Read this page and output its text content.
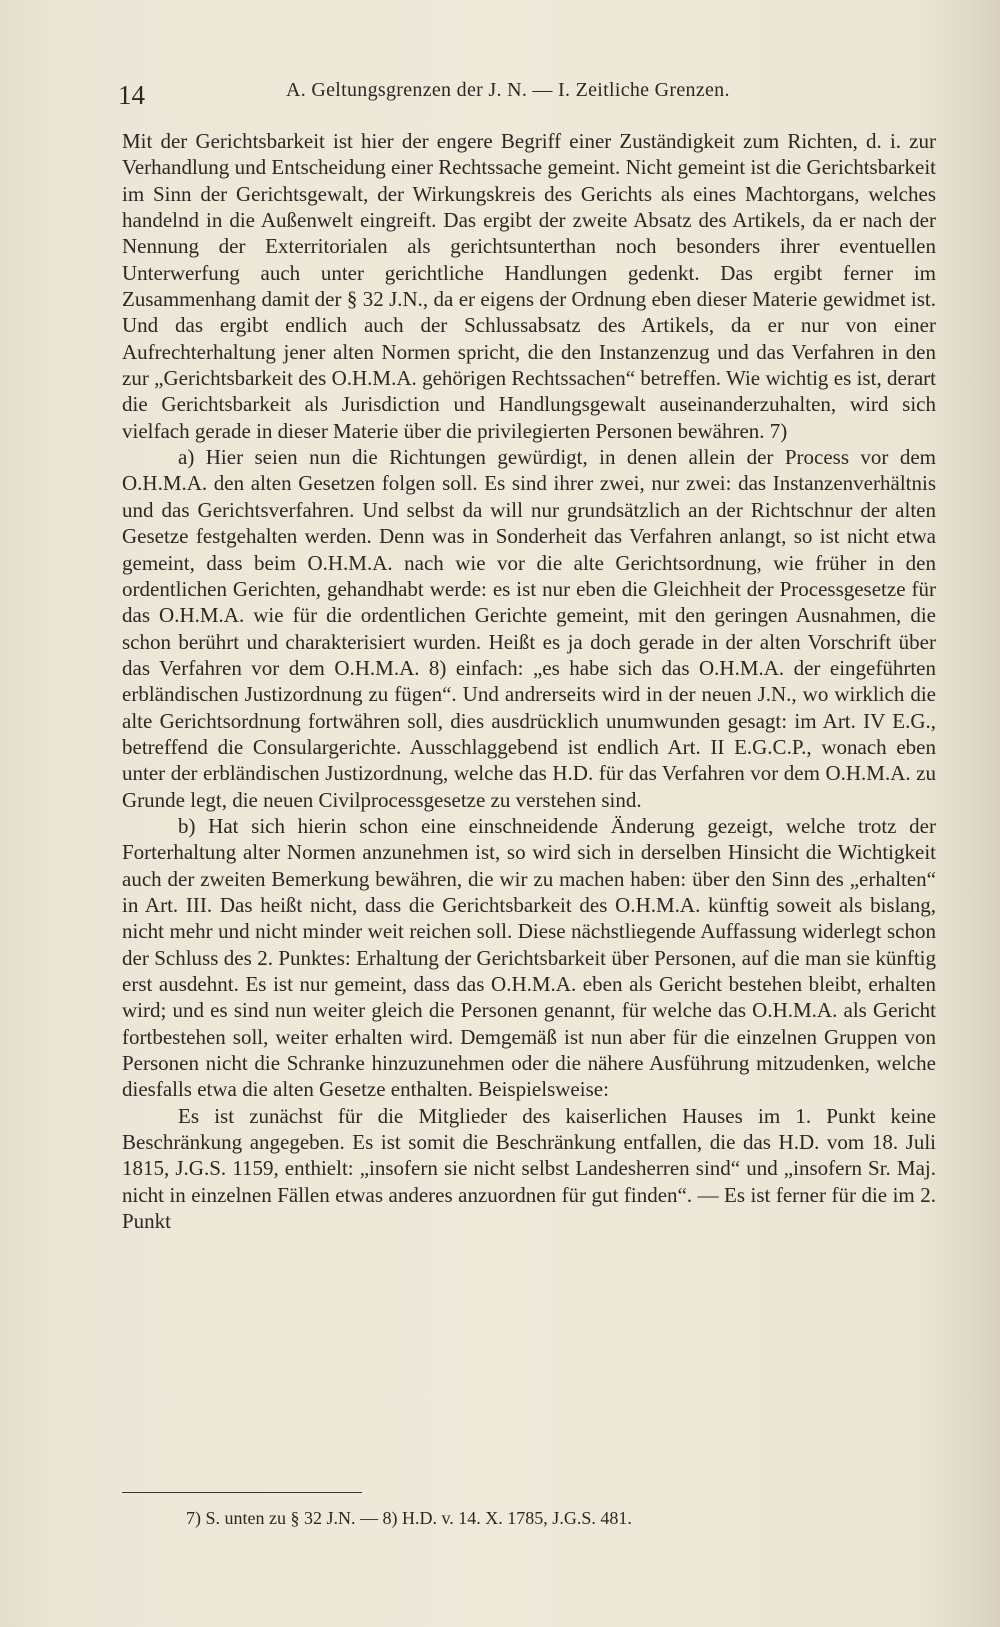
14	A. Geltungsgrenzen der J. N. — I. Zeitliche Grenzen.

Mit der Gerichtsbarkeit ist hier der engere Begriff einer Zuständigkeit zum Richten, d. i. zur Verhandlung und Entscheidung einer Rechtssache gemeint. Nicht gemeint ist die Gerichtsbarkeit im Sinn der Gerichtsgewalt, der Wirkungskreis des Gerichts als eines Machtorgans, welches handelnd in die Außenwelt eingreift. Das ergibt der zweite Absatz des Artikels, da er nach der Nennung der Exterritorialen als gerichtsunterthan noch besonders ihrer eventuellen Unterwerfung auch unter gerichtliche Handlungen gedenkt. Das ergibt ferner im Zusammenhang damit der § 32 J.N., da er eigens der Ordnung eben dieser Materie gewidmet ist. Und das ergibt endlich auch der Schlussabsatz des Artikels, da er nur von einer Aufrechterhaltung jener alten Normen spricht, die den Instanzenzug und das Verfahren in den zur „Gerichtsbarkeit des O.H.M.A. gehörigen Rechtssachen“ betreffen. Wie wichtig es ist, derart die Gerichtsbarkeit als Jurisdiction und Handlungsgewalt auseinanderzuhalten, wird sich vielfach gerade in dieser Materie über die privilegierten Personen bewähren. 7)

a) Hier seien nun die Richtungen gewürdigt, in denen allein der Process vor dem O.H.M.A. den alten Gesetzen folgen soll. Es sind ihrer zwei, nur zwei: das Instanzenverhältnis und das Gerichtsverfahren. Und selbst da will nur grundsätzlich an der Richtschnur der alten Gesetze festgehalten werden. Denn was in Sonderheit das Verfahren anlangt, so ist nicht etwa gemeint, dass beim O.H.M.A. nach wie vor die alte Gerichtsordnung, wie früher in den ordentlichen Gerichten, gehandhabt werde: es ist nur eben die Gleichheit der Processgesetze für das O.H.M.A. wie für die ordentlichen Gerichte gemeint, mit den geringen Ausnahmen, die schon berührt und charakterisiert wurden. Heißt es ja doch gerade in der alten Vorschrift über das Verfahren vor dem O.H.M.A. 8) einfach: „es habe sich das O.H.M.A. der eingeführten erbländischen Justizordnung zu fügen“. Und andrerseits wird in der neuen J.N., wo wirklich die alte Gerichtsordnung fortwähren soll, dies ausdrücklich unumwunden gesagt: im Art. IV E.G., betreffend die Consulargerichte. Ausschlaggebend ist endlich Art. II E.G.C.P., wonach eben unter der erbländischen Justizordnung, welche das H.D. für das Verfahren vor dem O.H.M.A. zu Grunde legt, die neuen Civilprocessgesetze zu verstehen sind.

b) Hat sich hierin schon eine einschneidende Änderung gezeigt, welche trotz der Forterhaltung alter Normen anzunehmen ist, so wird sich in derselben Hinsicht die Wichtigkeit auch der zweiten Bemerkung bewähren, die wir zu machen haben: über den Sinn des „erhalten“ in Art. III. Das heißt nicht, dass die Gerichtsbarkeit des O.H.M.A. künftig soweit als bislang, nicht mehr und nicht minder weit reichen soll. Diese nächstliegende Auffassung widerlegt schon der Schluss des 2. Punktes: Erhaltung der Gerichtsbarkeit über Personen, auf die man sie künftig erst ausdehnt. Es ist nur gemeint, dass das O.H.M.A. eben als Gericht bestehen bleibt, erhalten wird; und es sind nun weiter gleich die Personen genannt, für welche das O.H.M.A. als Gericht fortbestehen soll, weiter erhalten wird. Demgemäß ist nun aber für die einzelnen Gruppen von Personen nicht die Schranke hinzuzunehmen oder die nähere Ausführung mitzudenken, welche diesfalls etwa die alten Gesetze enthalten. Beispielsweise:

Es ist zunächst für die Mitglieder des kaiserlichen Hauses im 1. Punkt keine Beschränkung angegeben. Es ist somit die Beschränkung entfallen, die das H.D. vom 18. Juli 1815, J.G.S. 1159, enthielt: „insofern sie nicht selbst Landesherren sind“ und „insofern Sr. Maj. nicht in einzelnen Fällen etwas anderes anzuordnen für gut finden“. — Es ist ferner für die im 2. Punkt

7) S. unten zu § 32 J.N. — 8) H.D. v. 14. X. 1785, J.G.S. 481.
